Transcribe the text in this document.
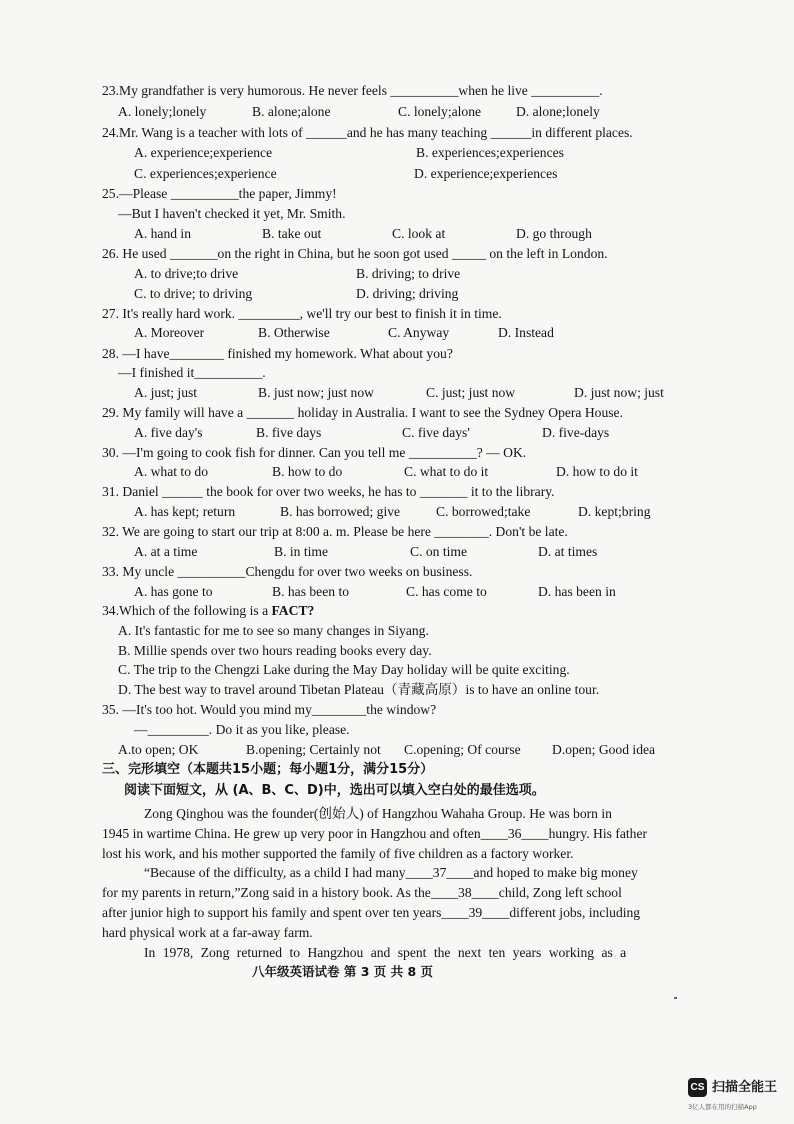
23.My grandfather is very humorous. He never feels __________when he live __________.
A. lonely;lonely	B. alone;alone	C. lonely;alone	D. alone;lonely
24.Mr. Wang is a teacher with lots of ______and he has many teaching ______in different places.
A. experience;experience	B. experiences;experiences
C. experiences;experience	D. experience;experiences
25.—Please __________the paper, Jimmy!
—But I haven't checked it yet, Mr. Smith.
A. hand in	B. take out	C. look at	D. go through
26. He used _______on the right in China, but he soon got used _____ on the left in London.
A. to drive;to drive	B. driving; to drive
C. to drive; to driving	D. driving; driving
27. It's really hard work. _________, we'll try our best to finish it in time.
A. Moreover	B. Otherwise	C. Anyway	D. Instead
28. —I have________ finished my homework. What about you?
—I finished it__________.
A. just; just	B. just now; just now	C. just; just now	D. just now; just
29. My family will have a _______ holiday in Australia. I want to see the Sydney Opera House.
A. five day's	B. five days	C. five days'	D. five-days
30. —I'm going to cook fish for dinner. Can you tell me __________? — OK.
A. what to do	B. how to do	C. what to do it	D. how to do it
31. Daniel ______ the book for over two weeks, he has to _______ it to the library.
A. has kept; return	B. has borrowed; give	C. borrowed;take	D. kept;bring
32. We are going to start our trip at 8:00 a. m. Please be here ________. Don't be late.
A. at a time	B. in time	C. on time	D. at times
33. My uncle __________Chengdu for over two weeks on business.
A. has gone to	B. has been to	C. has come to	D. has been in
34.Which of the following is a FACT?
A. It's fantastic for me to see so many changes in Siyang.
B. Millie spends over two hours reading books every day.
C. The trip to the Chengzi Lake during the May Day holiday will be quite exciting.
D. The best way to travel around Tibetan Plateau（青藏高原）is to have an online tour.
35. —It's too hot. Would you mind my________the window?
—_________. Do it as you like, please.
A.to open; OK	B.opening; Certainly not C.opening; Of course D.open; Good idea
三、完形填空（本题共15小题；每小题1分，满分15分）
阅读下面短文，从 (A、B、C、D)中，选出可以填入空白处的最佳选项。
Zong Qinghou was the founder(创始人) of Hangzhou Wahaha Group. He was born in
1945 in wartime China. He grew up very poor in Hangzhou and often____36____hungry. His father
lost his work, and his mother supported the family of five children as a factory worker.
“Because of the difficulty, as a child I had many____37____and hoped to make big money
for my parents in return,”Zong said in a history book. As the____38____child, Zong left school
after junior high to support his family and spent over ten years____39____different jobs, including
hard physical work at a far-away farm.
In 1978, Zong returned to Hangzhou and spent the next ten years working as a
八年级英语试卷 第 3 页 共 8 页
CS 扫描全能王
3亿人都在用的扫描App
